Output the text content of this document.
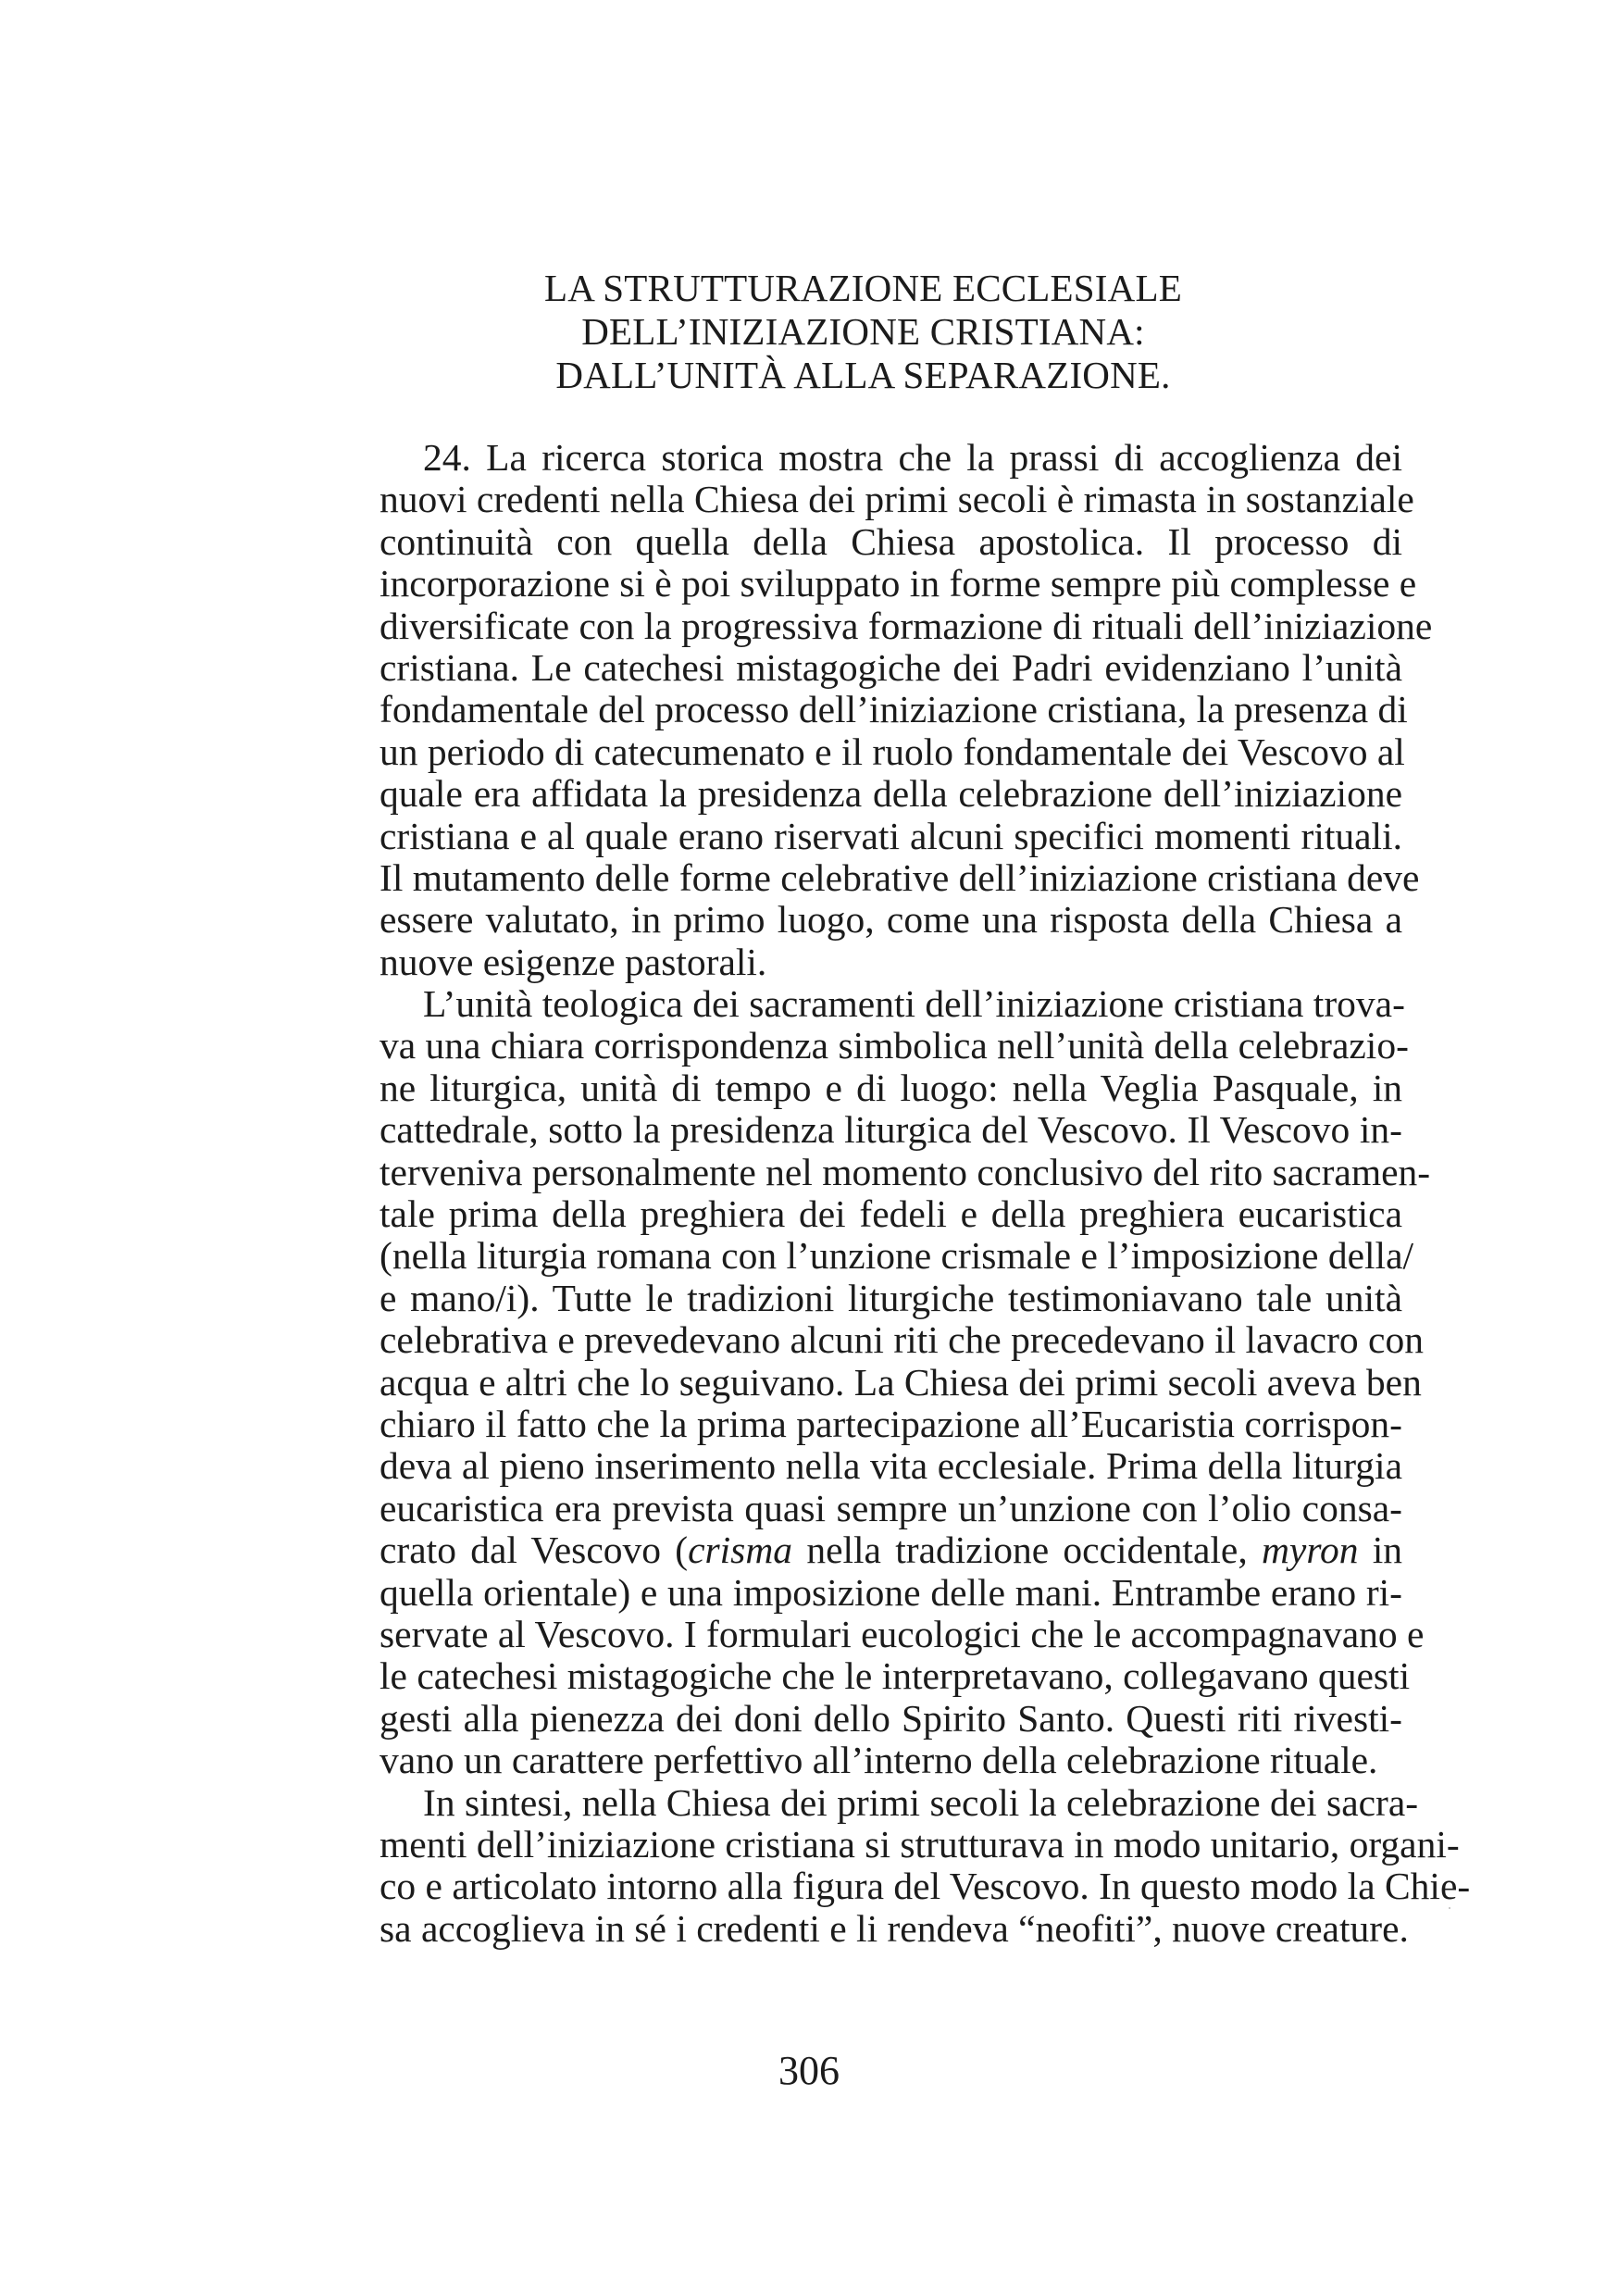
LA STRUTTURAZIONE ECCLESIALE
DELL’INIZIAZIONE CRISTIANA:
DALL’UNITÀ ALLA SEPARAZIONE.
24. La ricerca storica mostra che la prassi di accoglienza dei
nuovi credenti nella Chiesa dei primi secoli è rimasta in sostanziale
continuità con quella della Chiesa apostolica. Il processo di
incorporazione si è poi sviluppato in forme sempre più complesse e
diversificate con la progressiva formazione di rituali dell’iniziazione
cristiana. Le catechesi mistagogiche dei Padri evidenziano l’unità
fondamentale del processo dell’iniziazione cristiana, la presenza di
un periodo di catecumenato e il ruolo fondamentale dei Vescovo al
quale era affidata la presidenza della celebrazione dell’iniziazione
cristiana e al quale erano riservati alcuni specifici momenti rituali.
Il mutamento delle forme celebrative dell’iniziazione cristiana deve
essere valutato, in primo luogo, come una risposta della Chiesa a
nuove esigenze pastorali.
L’unità teologica dei sacramenti dell’iniziazione cristiana trova-
va una chiara corrispondenza simbolica nell’unità della celebrazio-
ne liturgica, unità di tempo e di luogo: nella Veglia Pasquale, in
cattedrale, sotto la presidenza liturgica del Vescovo. Il Vescovo in-
terveniva personalmente nel momento conclusivo del rito sacramen-
tale prima della preghiera dei fedeli e della preghiera eucaristica
(nella liturgia romana con l’unzione crismale e l’imposizione della/
e mano/i). Tutte le tradizioni liturgiche testimoniavano tale unità
celebrativa e prevedevano alcuni riti che precedevano il lavacro con
acqua e altri che lo seguivano. La Chiesa dei primi secoli aveva ben
chiaro il fatto che la prima partecipazione all’Eucaristia corrispon-
deva al pieno inserimento nella vita ecclesiale. Prima della liturgia
eucaristica era prevista quasi sempre un’unzione con l’olio consa-
crato dal Vescovo (crisma nella tradizione occidentale, myron in
quella orientale) e una imposizione delle mani. Entrambe erano ri-
servate al Vescovo. I formulari eucologici che le accompagnavano e
le catechesi mistagogiche che le interpretavano, collegavano questi
gesti alla pienezza dei doni dello Spirito Santo. Questi riti rivesti-
vano un carattere perfettivo all’interno della celebrazione rituale.
In sintesi, nella Chiesa dei primi secoli la celebrazione dei sacra-
menti dell’iniziazione cristiana si strutturava in modo unitario, organi-
co e articolato intorno alla figura del Vescovo. In questo modo la Chie-
sa accoglieva in sé i credenti e li rendeva “neofiti”, nuove creature.
306
